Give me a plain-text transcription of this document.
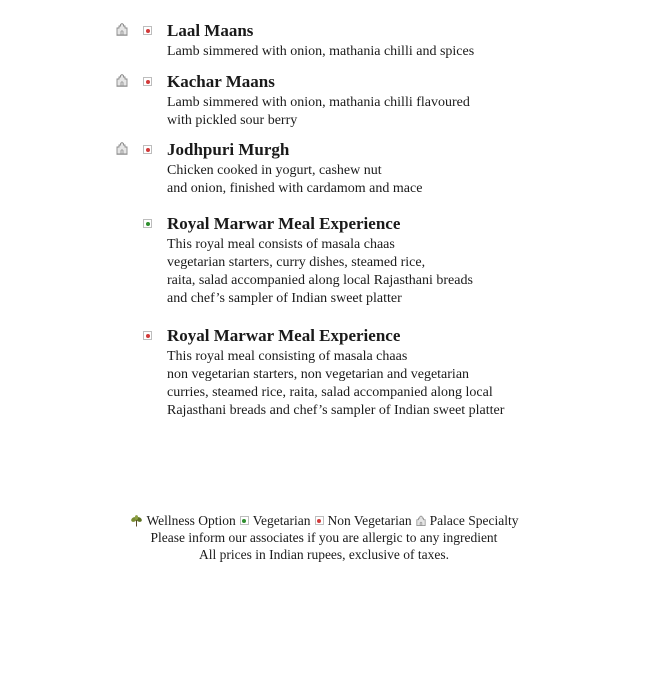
Laal Maans
Lamb simmered with onion, mathania chilli and spices
Kachar Maans
Lamb simmered with onion, mathania chilli flavoured
with pickled sour berry
Jodhpuri Murgh
Chicken cooked in yogurt, cashew nut
and onion, finished with cardamom and mace
Royal Marwar Meal Experience
This royal meal consists of masala chaas
vegetarian starters, curry dishes, steamed rice,
raita, salad accompanied along local Rajasthani breads
and chef’s sampler of Indian sweet platter
Royal Marwar Meal Experience
This royal meal consisting of masala chaas
non vegetarian starters, non vegetarian and vegetarian
curries, steamed rice, raita, salad accompanied along local
Rajasthani breads and chef’s sampler of Indian sweet platter
Wellness Option Vegetarian Non Vegetarian Palace Specialty
Please inform our associates if you are allergic to any ingredient
All prices in Indian rupees, exclusive of taxes.
